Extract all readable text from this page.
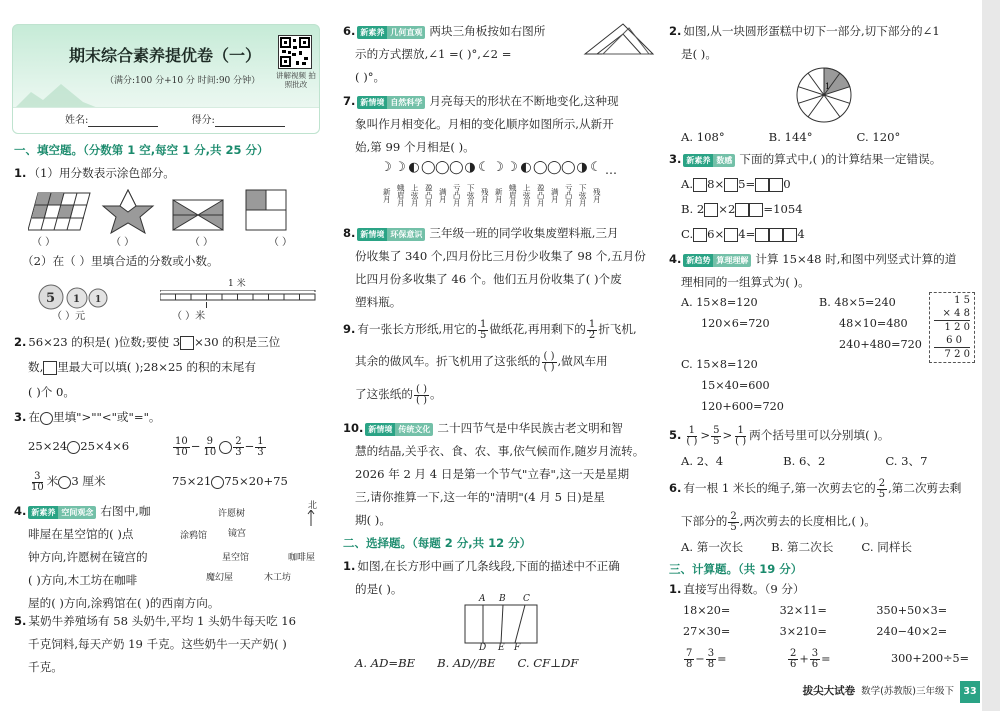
期末综合素养提优卷（一）
（满分:100 分+10 分 时间:90 分钟）
讲解视频 拍照批改
姓名:	得分:
一、填空题。（分数第 1 空,每空 1 分,共 25 分）
1. （1）用分数表示涂色部分。
（ ）	（ ）	（ ）	（ ）
（2）在（ ）里填合适的分数或小数。
5 1 1
（ ）元
1 米
（ ）米
2. 56×23 的积是( )位数;要使 3 ×30 的积是三位
数, 里最大可以填( );28×25 的积的末尾有
( )个 0。
3. 在 里填">""<"或"="。
25×24 25×4×6	$\frac{10}{10} - \frac{9}{10} \frac{2}{3} - \frac{1}{3}$
$\frac{3}{10}$ 米 3 厘米	75×21 75×20+75
4. 新素养 空间观念 右图中,咖
啡屋在星空馆的( )点
钟方向,许愿树在镜宫的
( )方向,木工坊在咖啡
屋的( )方向,涂鸦馆在( )的西南方向。
北
许愿树
涂鸦馆 镜宫
星空馆	咖啡屋
魔幻屋	木工坊
5. 某奶牛养殖场有 58 头奶牛,平均 1 头奶牛每天吃 16
千克饲料,每天产奶 19 千克。这些奶牛一天产奶( )
千克。
6. 新素养 几何直观 两块三角板按如右图所
示的方式摆放,∠1 =( )°,∠2 =
( )°。
7. 新情境 自然科学 月亮每天的形状在不断地变化,这种现
象叫作月相变化。月相的变化顺序如图所示,从新开
始,第 99 个月相是( )。
☽
新月
☽
蛾眉月
◐
上弦月
◯
盈凸月
◯
满月
◯
亏凸月
◑
下弦月
☾
残月
☽
新月
☽
蛾眉月
◐
上弦月
◯
盈凸月
◯
满月
◯
亏凸月
◑
下弦月
☾
残月
…
8. 新情境 环保意识 三年级一班的同学收集废塑料瓶,三月
份收集了 340 个,四月份比三月份少收集了 98 个,五月份
比四月份多收集了 46 个。他们五月份收集了( )个废
塑料瓶。
9. 有一张长方形纸,用它的 $\frac{1}{5}$ 做纸花,再用剩下的 $\frac{1}{2}$ 折飞机,
其余的做风车。折飞机用了这张纸的 $\frac{( )}{( )}$ ,做风车用
了这张纸的 $\frac{( )}{( )}$ 。
10. 新情境 传统文化 二十四节气是中华民族古老文明和智
慧的结晶,关乎衣、食、农、事,依气候而作,随岁月流转。
2026 年 2 月 4 日是第一个节气"立春",这一天是星期
三,请你推算一下,这一年的"清明"(4 月 5 日)是星
期( )。
二、选择题。（每题 2 分,共 12 分）
1. 如图,在长方形中画了几条线段,下面的描述中不正确
的是( )。
A B C
D E F
A. AD=BE B. AD//BE C. CF⊥DF
2. 如图,从一块圆形蛋糕中切下一部分,切下部分的∠1
是( )。
1
A. 108°	B. 144°	C. 120°
3. 新素养 数感 下面的算式中,( )的计算结果一定错误。
A. 8× 5= 0
B. 2 ×2 =1054
C. 6× 4=	4
4. 新趋势 算理理解 计算 15×48 时,和图中列竖式计算的道
理相同的一组算式为( )。
A. 15×8=120
120×6=720
B. 48×5=240
48×10=480
240+480=720
1 5
× 4 8
1 2 0
6 0
7 2 0
C. 15×8=120
15×40=600
120+600=720
5. $\frac{1}{( )} > \frac{5}{5} > \frac{1}{( )}$ 两个括号里可以分别填( )。
A. 2、4	B. 6、2	C. 3、7
6. 有一根 1 米长的绳子,第一次剪去它的 $\frac{2}{5}$ ,第二次剪去剩
下部分的 $\frac{2}{5}$ ,两次剪去的长度相比,( )。
A. 第一次长 B. 第二次长 C. 同样长
三、计算题。（共 19 分）
1. 直接写出得数。（9 分）
18×20=	32×11=	350+50×3=
27×30=	3×210=	240−40×2=
$\frac{7}{8} - \frac{3}{8}$ =	$\frac{2}{6} + \frac{3}{6}$ =	300+200÷5=
拔尖大试卷 数学(苏教版)三年级下 33
